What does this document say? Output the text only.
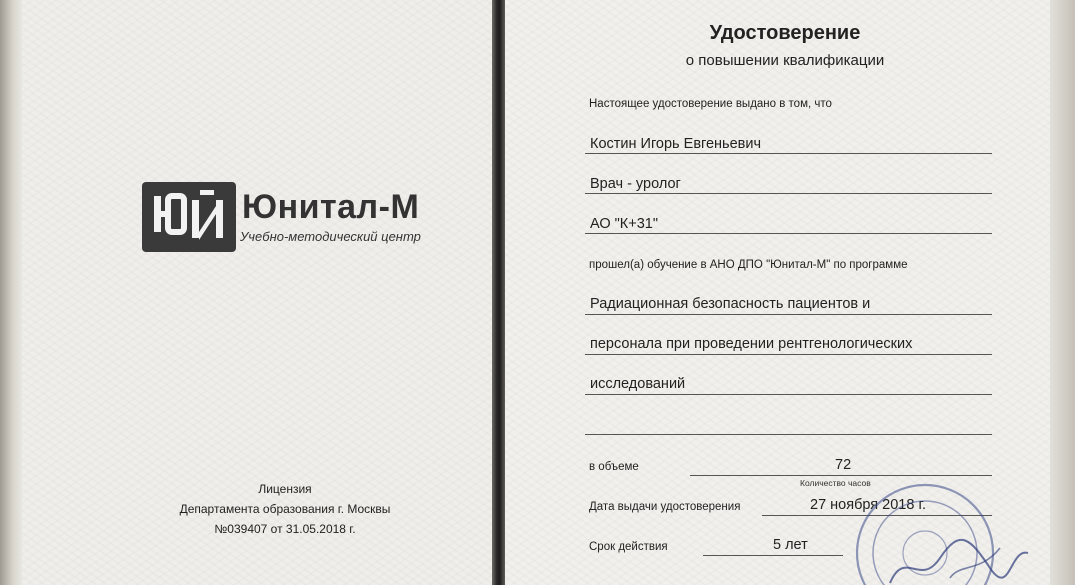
Юнитал-М
Учебно-методический центр
Лицензия
Департамента образования г. Москвы
№039407 от 31.05.2018 г.
Удостоверение
о повышении квалификации
Настоящее удостоверение выдано в том, что
Костин Игорь Евгеньевич
Врач - уролог
АО "К+31"
прошел(а) обучение в АНО ДПО "Юнитал-М" по программе
Радиационная безопасность пациентов и
персонала при проведении рентгенологических
исследований
в объеме	72
Количество часов
Дата выдачи удостоверения	27 ноября 2018 г.
Срок действия	5 лет
